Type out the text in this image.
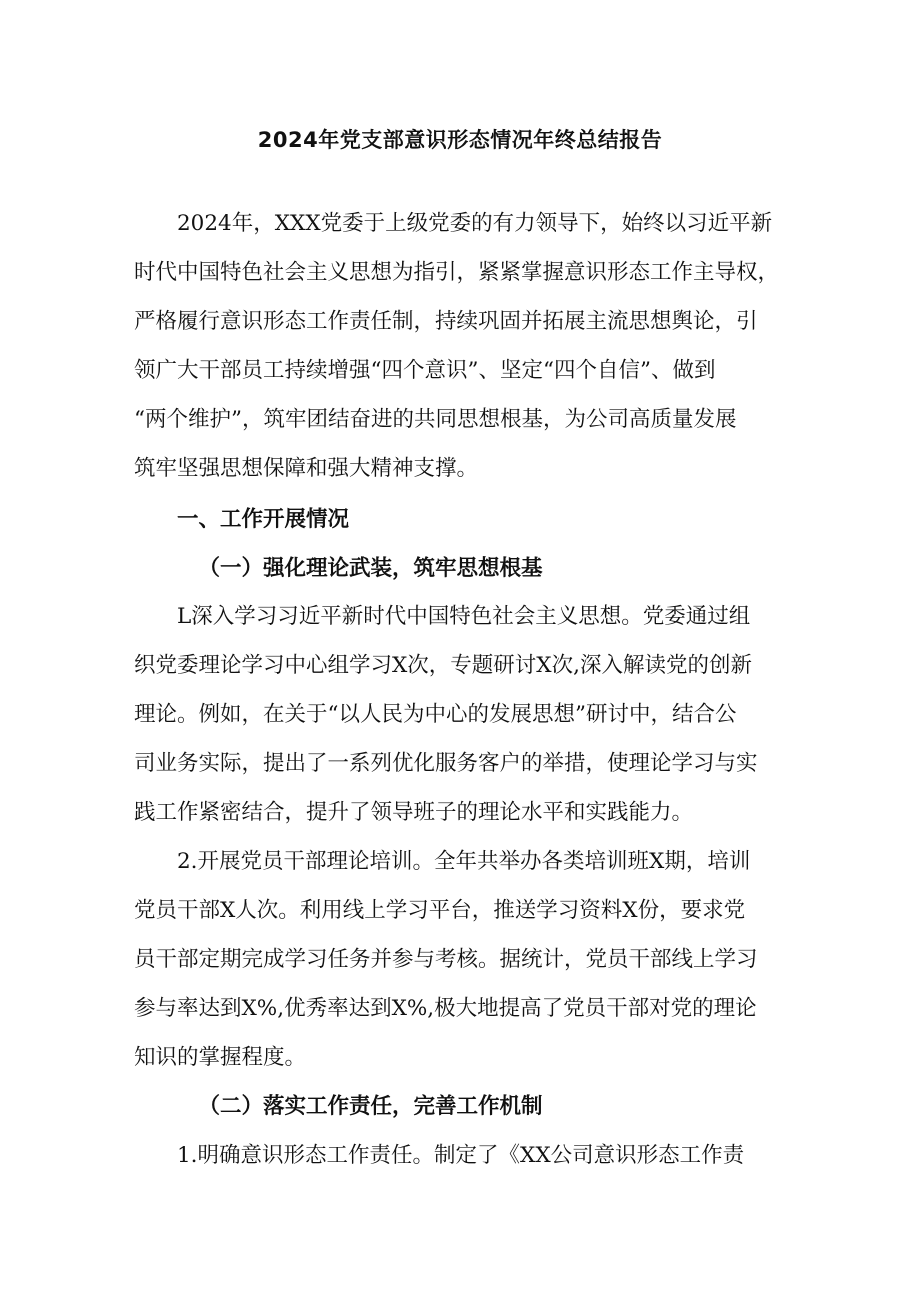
2024年党支部意识形态情况年终总结报告

2024年，XXX党委于上级党委的有力领导下，始终以习近平新

时代中国特色社会主义思想为指引，紧紧掌握意识形态工作主导权，
严格履行意识形态工作责任制，持续巩固并拓展主流思想舆论，引
领广大干部员工持续增强“四个意识”、坚定“四个自信”、做到
“两个维护”，筑牢团结奋进的共同思想根基，为公司高质量发展
筑牢坚强思想保障和强大精神支撑。
一、工作开展情况
（一）强化理论武装，筑牢思想根基
L深入学习习近平新时代中国特色社会主义思想。党委通过组
织党委理论学习中心组学习X次，专题研讨X次,深入解读党的创新
理论。例如，在关于“以人民为中心的发展思想”研讨中，结合公
司业务实际，提出了一系列优化服务客户的举措，使理论学习与实
践工作紧密结合，提升了领导班子的理论水平和实践能力。
2.开展党员干部理论培训。全年共举办各类培训班X期，培训
党员干部X人次。利用线上学习平台，推送学习资料X份，要求党
员干部定期完成学习任务并参与考核。据统计，党员干部线上学习
参与率达到X%,优秀率达到X%,极大地提高了党员干部对党的理论
知识的掌握程度。
（二）落实工作责任，完善工作机制
1.明确意识形态工作责任。制定了《XX公司意识形态工作责
